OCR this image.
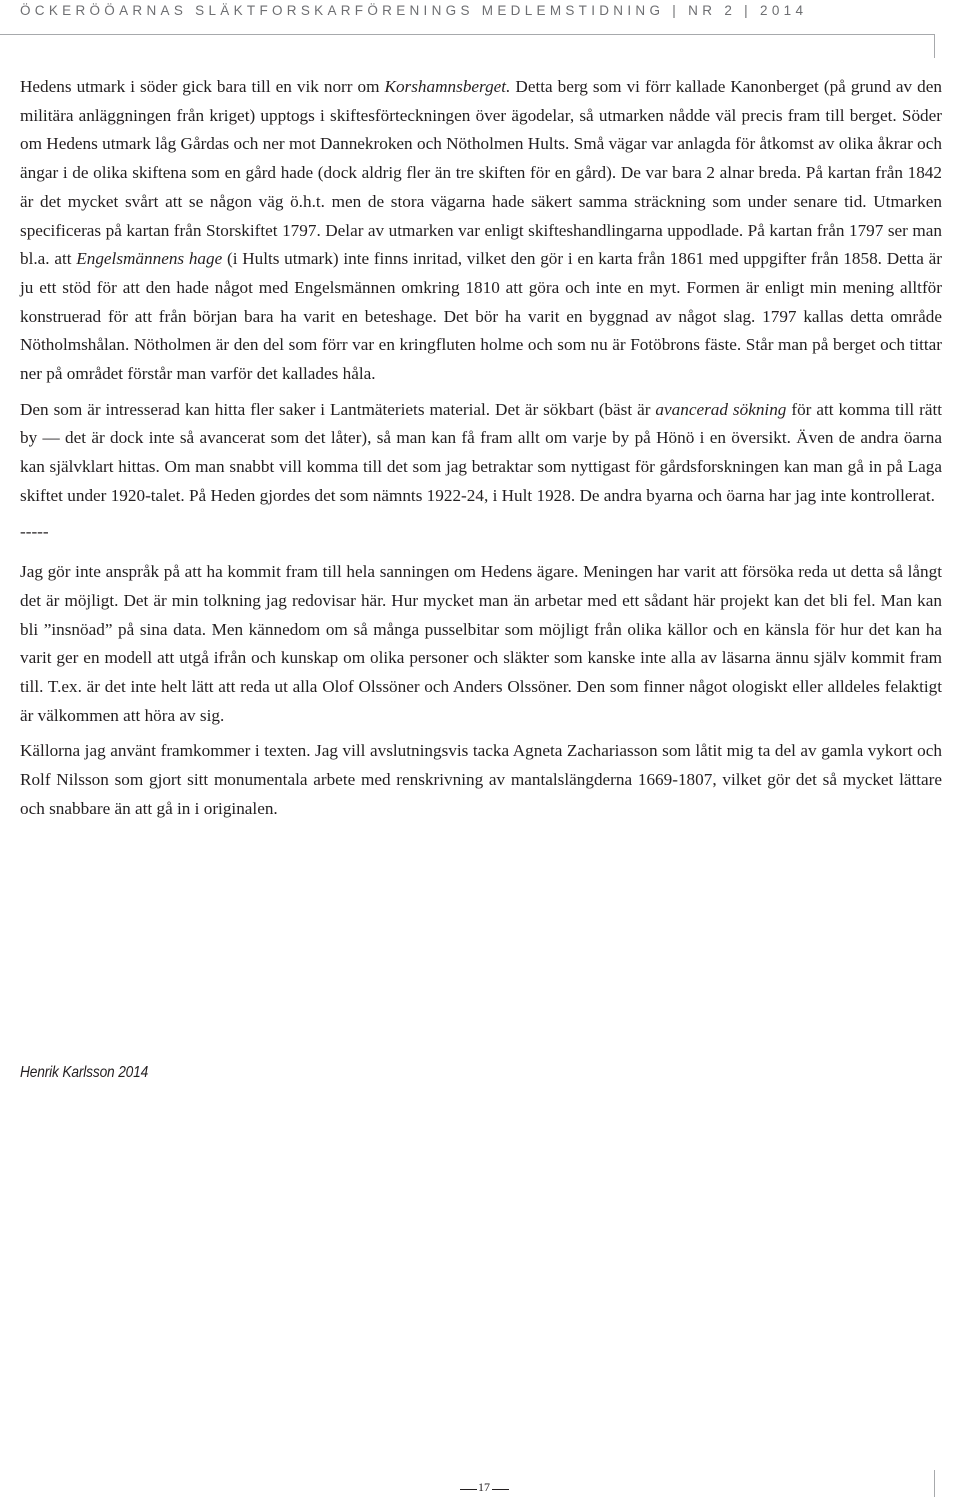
ÖCKERÖÖARNAS SLÄKTFORSKARFÖRENINGS MEDLEMSTIDNING | NR 2 | 2014

Hedens utmark i söder gick bara till en vik norr om Korshamnsberget. Detta berg som vi förr kallade Kanonberget (på grund av den militära anläggningen från kriget) upptogs i skiftesförteckningen över ägodelar, så utmarken nådde väl precis fram till berget. Söder om Hedens utmark låg Gårdas och ner mot Dannekroken och Nötholmen Hults. Små vägar var anlagda för åtkomst av olika åkrar och ängar i de olika skiftena som en gård hade (dock aldrig fler än tre skiften för en gård). De var bara 2 alnar breda. På kartan från 1842 är det mycket svårt att se någon väg ö.h.t. men de stora vägarna hade säkert samma sträckning som under senare tid. Utmarken specificeras på kartan från Storskiftet 1797. Delar av utmarken var enligt skifteshandlingarna uppodlade. På kartan från 1797 ser man bl.a. att Engelsmännens hage (i Hults utmark) inte finns inritad, vilket den gör i en karta från 1861 med uppgifter från 1858. Detta är ju ett stöd för att den hade något med Engelsmännen omkring 1810 att göra och inte en myt. Formen är enligt min mening alltför konstruerad för att från början bara ha varit en beteshage. Det bör ha varit en byggnad av något slag. 1797 kallas detta område Nötholmshålan. Nötholmen är den del som förr var en kringfluten holme och som nu är Fotöbrons fäste. Står man på berget och tittar ner på området förstår man varför det kallades håla.

Den som är intresserad kan hitta fler saker i Lantmäteriets material. Det är sökbart (bäst är avancerad sökning för att komma till rätt by — det är dock inte så avancerat som det låter), så man kan få fram allt om varje by på Hönö i en översikt. Även de andra öarna kan självklart hittas. Om man snabbt vill komma till det som jag betraktar som nyttigast för gårdsforskningen kan man gå in på Laga skiftet under 1920-talet. På Heden gjordes det som nämnts 1922-24, i Hult 1928. De andra byarna och öarna har jag inte kontrollerat.

-----

Jag gör inte anspråk på att ha kommit fram till hela sanningen om Hedens ägare. Meningen har varit att försöka reda ut detta så långt det är möjligt. Det är min tolkning jag redovisar här. Hur mycket man än arbetar med ett sådant här projekt kan det bli fel. Man kan bli ”insnöad” på sina data. Men kännedom om så många pusselbitar som möjligt från olika källor och en känsla för hur det kan ha varit ger en modell att utgå ifrån och kunskap om olika personer och släkter som kanske inte alla av läsarna ännu själv kommit fram till. T.ex. är det inte helt lätt att reda ut alla Olof Olssöner och Anders Olssöner. Den som finner något ologiskt eller alldeles felaktigt är välkommen att höra av sig.

Källorna jag använt framkommer i texten. Jag vill avslutningsvis tacka Agneta Zachariasson som låtit mig ta del av gamla vykort och Rolf Nilsson som gjort sitt monumentala arbete med renskrivning av mantalslängderna 1669-1807, vilket gör det så mycket lättare och snabbare än att gå in i originalen.

Henrik Karlsson 2014
17
